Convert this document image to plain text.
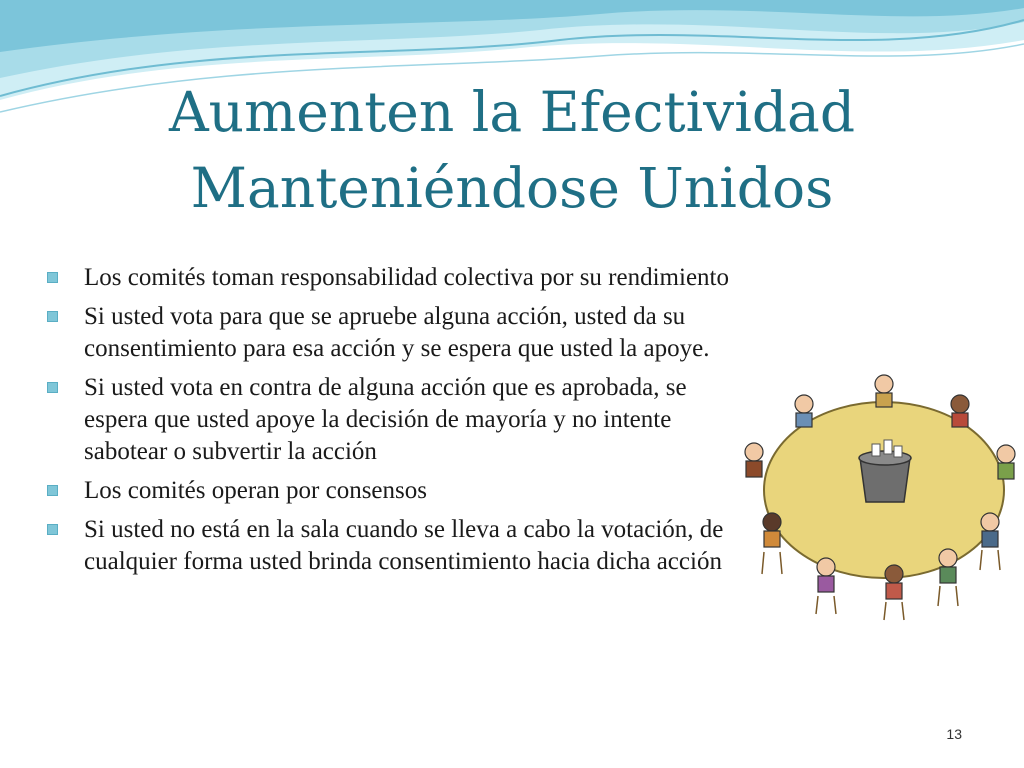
Aumenten la Efectividad
Manteniéndose Unidos
Los comités toman responsabilidad colectiva por su rendimiento
Si usted vota para que se apruebe alguna acción, usted da su consentimiento para esa acción y se espera que usted la apoye.
Si usted vota en contra de alguna acción que es aprobada, se espera que usted apoye la decisión de mayoría y no intente sabotear o subvertir la acción
Los comités operan por consensos
Si usted no está en la sala cuando se lleva a cabo la votación, de cualquier forma usted brinda consentimiento hacia dicha acción
13
